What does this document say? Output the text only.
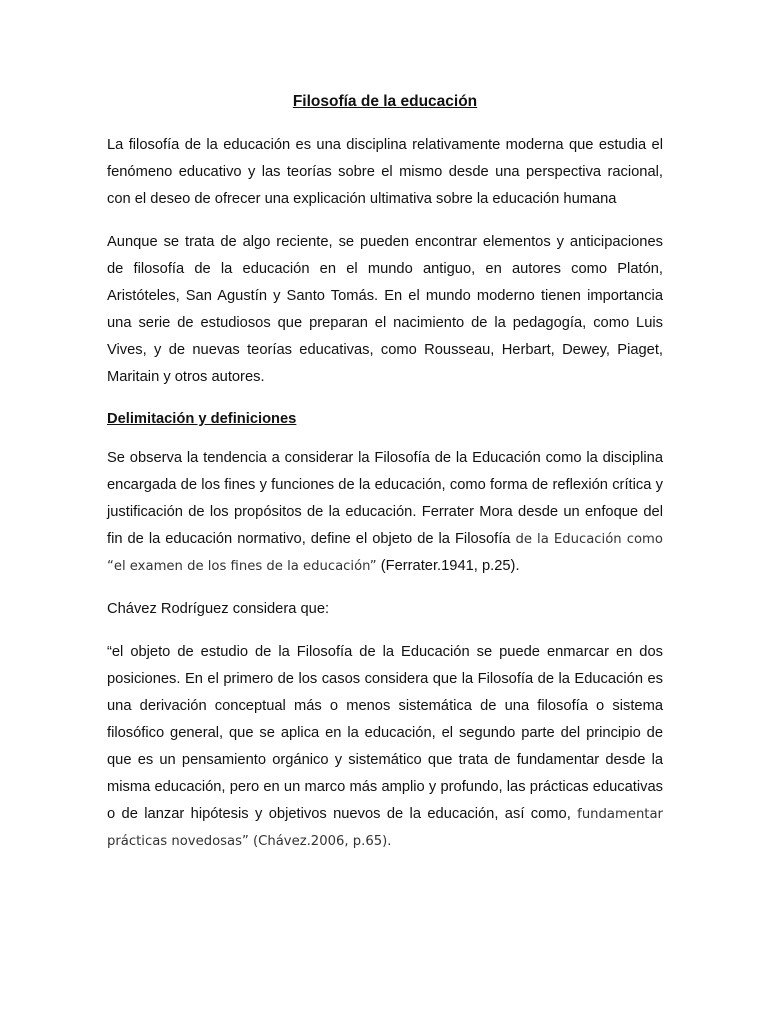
Filosofía de la educación

La filosofía de la educación es una disciplina relativamente moderna que estudia el fenómeno educativo y las teorías sobre el mismo desde una perspectiva racional, con el deseo de ofrecer una explicación ultimativa sobre la educación humana

Aunque se trata de algo reciente, se pueden encontrar elementos y anticipaciones de filosofía de la educación en el mundo antiguo, en autores como Platón, Aristóteles, San Agustín y Santo Tomás. En el mundo moderno tienen importancia una serie de estudiosos que preparan el nacimiento de la pedagogía, como Luis Vives, y de nuevas teorías educativas, como Rousseau, Herbart, Dewey, Piaget, Maritain y otros autores.

Delimitación y definiciones

Se observa la tendencia a considerar la Filosofía de la Educación como la disciplina encargada de los fines y funciones de la educación, como forma de reflexión crítica y justificación de los propósitos de la educación. Ferrater Mora desde un enfoque del fin de la educación normativo, define el objeto de la Filosofía de la Educación como “el examen de los fines de la educación” (Ferrater.1941, p.25).

Chávez Rodríguez considera que:

“el objeto de estudio de la Filosofía de la Educación se puede enmarcar en dos posiciones. En el primero de los casos considera que la Filosofía de la Educación es una derivación conceptual más o menos sistemática de una filosofía o sistema filosófico general, que se aplica en la educación, el segundo parte del principio de que es un pensamiento orgánico y sistemático que trata de fundamentar desde la misma educación, pero en un marco más amplio y profundo, las prácticas educativas o de lanzar hipótesis y objetivos nuevos de la educación, así como, fundamentar prácticas novedosas” (Chávez.2006, p.65).
